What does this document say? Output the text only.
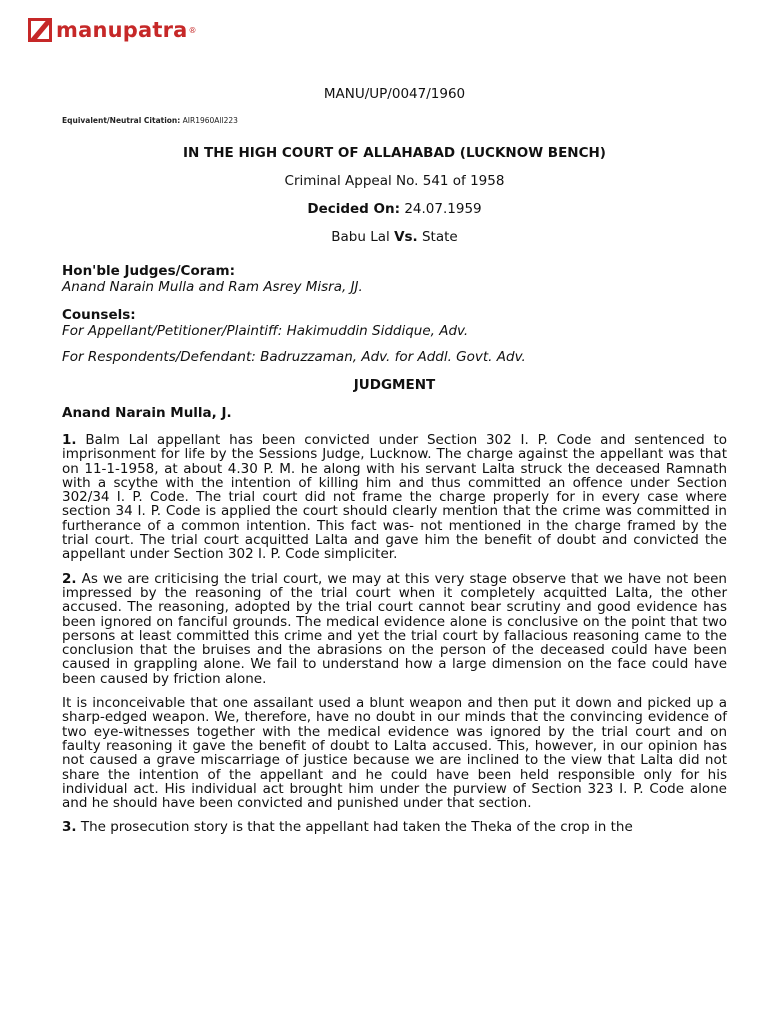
manupatra ®
MANU/UP/0047/1960
Equivalent/Neutral Citation: AIR1960All223
IN THE HIGH COURT OF ALLAHABAD (LUCKNOW BENCH)
Criminal Appeal No. 541 of 1958
Decided On: 24.07.1959
Babu Lal Vs. State
Hon'ble Judges/Coram:
Anand Narain Mulla and Ram Asrey Misra, JJ.
Counsels:
For Appellant/Petitioner/Plaintiff: Hakimuddin Siddique, Adv.
For Respondents/Defendant: Badruzzaman, Adv. for Addl. Govt. Adv.
JUDGMENT
Anand Narain Mulla, J.

1. Balm Lal appellant has been convicted under Section 302 I. P. Code and sentenced to imprisonment for life by the Sessions Judge, Lucknow. The charge against the appellant was that on 11-1-1958, at about 4.30 P. M. he along with his servant Lalta struck the deceased Ramnath with a scythe with the intention of killing him and thus committed an offence under Section 302/34 I. P. Code. The trial court did not frame the charge properly for in every case where section 34 I. P. Code is applied the court should clearly mention that the crime was committed in furtherance of a common intention. This fact was- not mentioned in the charge framed by the trial court. The trial court acquitted Lalta and gave him the benefit of doubt and convicted the appellant under Section 302 I. P. Code simpliciter.

2. As we are criticising the trial court, we may at this very stage observe that we have not been impressed by the reasoning of the trial court when it completely acquitted Lalta, the other accused. The reasoning, adopted by the trial court cannot bear scrutiny and good evidence has been ignored on fanciful grounds. The medical evidence alone is conclusive on the point that two persons at least committed this crime and yet the trial court by fallacious reasoning came to the conclusion that the bruises and the abrasions on the person of the deceased could have been caused in grappling alone. We fail to understand how a large dimension on the face could have been caused by friction alone.

It is inconceivable that one assailant used a blunt weapon and then put it down and picked up a sharp-edged weapon. We, therefore, have no doubt in our minds that the convincing evidence of two eye-witnesses together with the medical evidence was ignored by the trial court and on faulty reasoning it gave the benefit of doubt to Lalta accused. This, however, in our opinion has not caused a grave miscarriage of justice because we are inclined to the view that Lalta did not share the intention of the appellant and he could have been held responsible only for his individual act. His individual act brought him under the purview of Section 323 I. P. Code alone and he should have been convicted and punished under that section.

3. The prosecution story is that the appellant had taken the Theka of the crop in the
